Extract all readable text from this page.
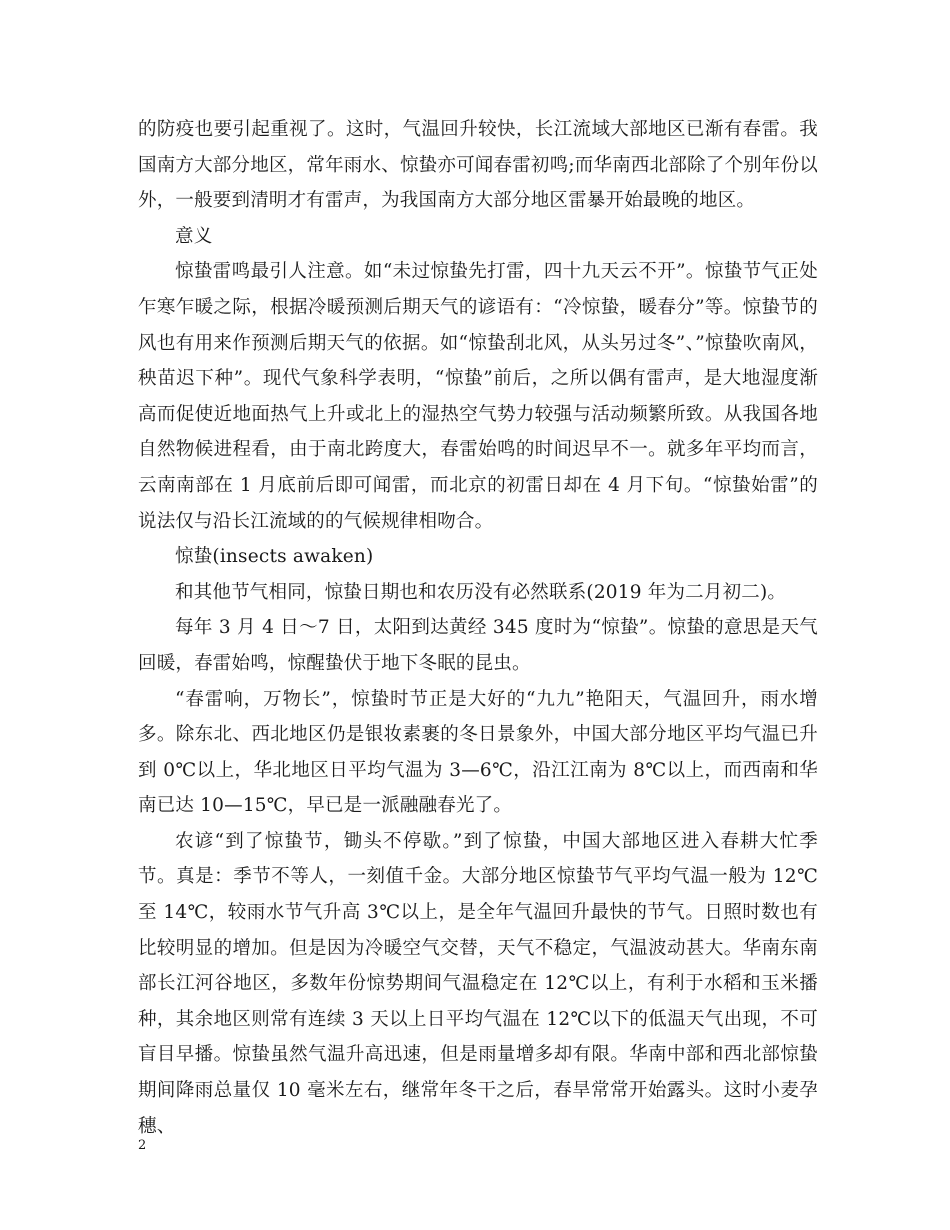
的防疫也要引起重视了。这时，气温回升较快，长江流域大部地区已渐有春雷。我国南方大部分地区，常年雨水、惊蛰亦可闻春雷初鸣;而华南西北部除了个别年份以外，一般要到清明才有雷声，为我国南方大部分地区雷暴开始最晚的地区。

意义

惊蛰雷鸣最引人注意。如“未过惊蛰先打雷，四十九天云不开”。惊蛰节气正处乍寒乍暖之际，根据冷暖预测后期天气的谚语有：“冷惊蛰，暖春分”等。惊蛰节的风也有用来作预测后期天气的依据。如“惊蛰刮北风，从头另过冬”、”惊蛰吹南风，秧苗迟下种”。现代气象科学表明，“惊蛰”前后，之所以偶有雷声，是大地湿度渐高而促使近地面热气上升或北上的湿热空气势力较强与活动频繁所致。从我国各地自然物候进程看，由于南北跨度大，春雷始鸣的时间迟早不一。就多年平均而言，云南南部在 1 月底前后即可闻雷，而北京的初雷日却在 4 月下旬。“惊蛰始雷”的说法仅与沿长江流域的的气候规律相吻合。

惊蛰(insects awaken)

和其他节气相同，惊蛰日期也和农历没有必然联系(2019 年为二月初二)。

每年 3 月 4 日～7 日，太阳到达黄经 345 度时为“惊蛰”。惊蛰的意思是天气回暖，春雷始鸣，惊醒蛰伏于地下冬眠的昆虫。

“春雷响，万物长”，惊蛰时节正是大好的“九九”艳阳天，气温回升，雨水增多。除东北、西北地区仍是银妆素裹的冬日景象外，中国大部分地区平均气温已升到 0℃以上，华北地区日平均气温为 3—6℃，沿江江南为 8℃以上，而西南和华南已达 10—15℃，早已是一派融融春光了。

农谚“到了惊蛰节，锄头不停歇。”到了惊蛰，中国大部地区进入春耕大忙季节。真是：季节不等人，一刻值千金。大部分地区惊蛰节气平均气温一般为 12℃至 14℃，较雨水节气升高 3℃以上，是全年气温回升最快的节气。日照时数也有比较明显的增加。但是因为冷暖空气交替，天气不稳定，气温波动甚大。华南东南部长江河谷地区，多数年份惊势期间气温稳定在 12℃以上，有利于水稻和玉米播种，其余地区则常有连续 3 天以上日平均气温在 12℃以下的低温天气出现，不可盲目早播。惊蛰虽然气温升高迅速，但是雨量增多却有限。华南中部和西北部惊蛰期间降雨总量仅 10 毫米左右，继常年冬干之后，春旱常常开始露头。这时小麦孕穗、

2
